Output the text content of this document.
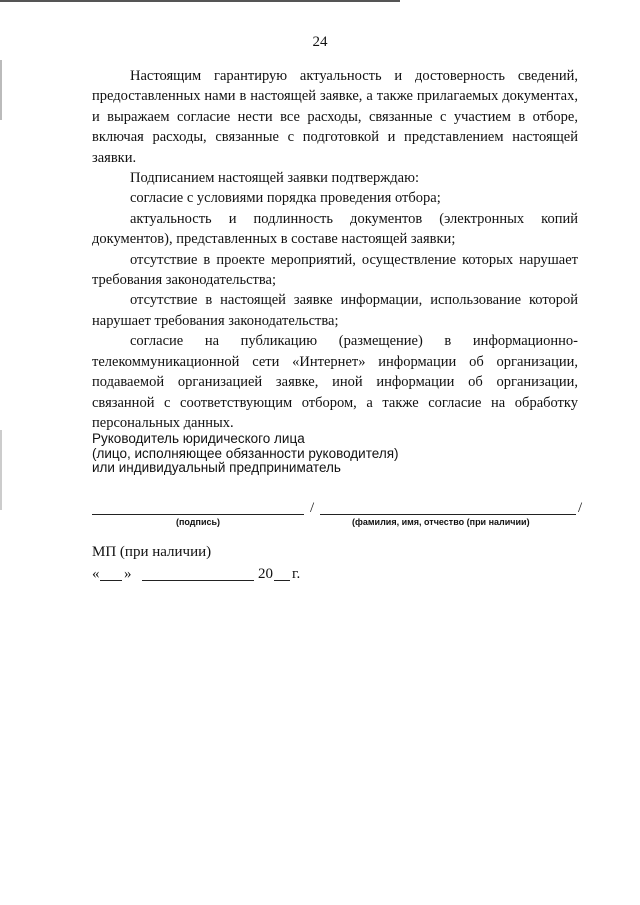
24

Настоящим гарантирую актуальность и достоверность сведений, предоставленных нами в настоящей заявке, а также прилагаемых документах, и выражаем согласие нести все расходы, связанные с участием в отборе, включая расходы, связанные с подготовкой и представлением настоящей заявки.

Подписанием настоящей заявки подтверждаю:

согласие с условиями порядка проведения отбора;

актуальность и подлинность документов (электронных копий документов), представленных в составе настоящей заявки;

отсутствие в проекте мероприятий, осуществление которых нарушает требования законодательства;

отсутствие в настоящей заявке информации, использование которой нарушает требования законодательства;

согласие на публикацию (размещение) в информационно-телекоммуникационной сети «Интернет» информации об организации, подаваемой организацией заявке, иной информации об организации, связанной с соответствующим отбором, а также согласие на обработку персональных данных.

Руководитель юридического лица
(лицо, исполняющее обязанности руководителя)
или индивидуальный предприниматель
/	/
(подпись)	(фамилия, имя, отчество (при наличии)
МП (при наличии)
« »	20 г.
